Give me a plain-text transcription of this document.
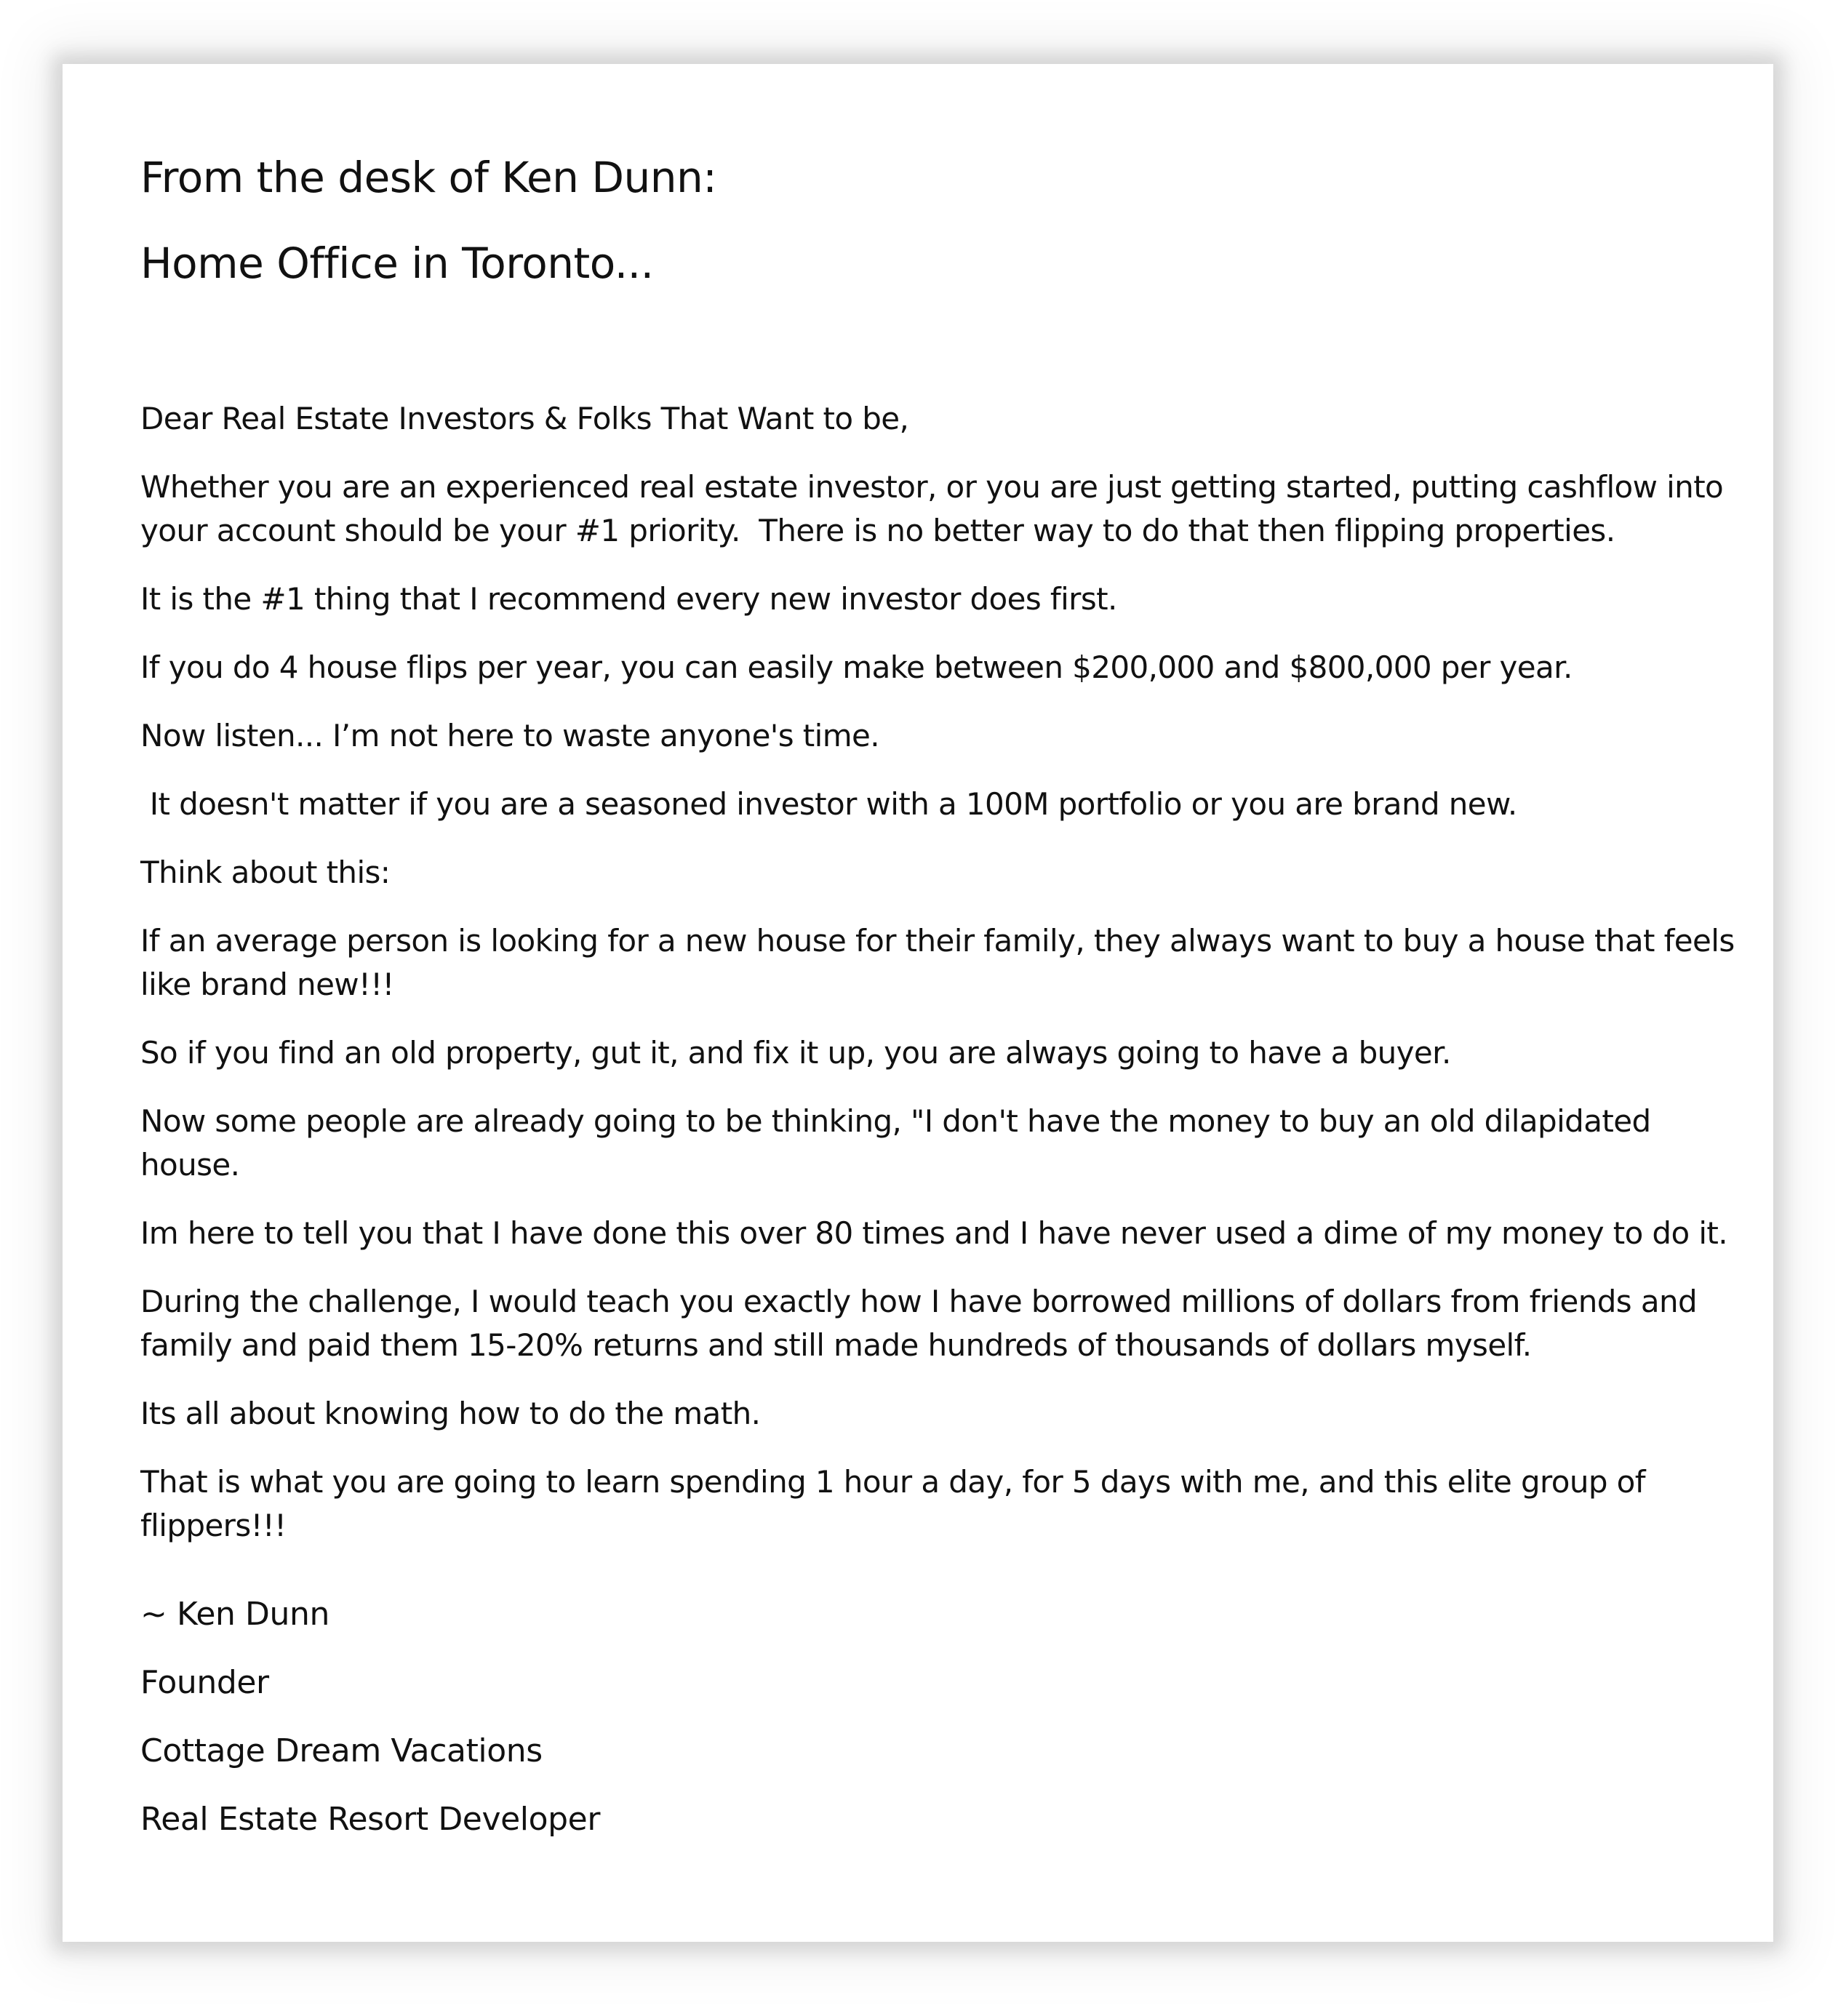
From the desk of Ken Dunn:
Home Office in Toronto...

Dear Real Estate Investors & Folks That Want to be,

Whether you are an experienced real estate investor, or you are just getting started, putting cashflow into your account should be your #1 priority.  There is no better way to do that then flipping properties.

It is the #1 thing that I recommend every new investor does first.

If you do 4 house flips per year, you can easily make between $200,000 and $800,000 per year.

Now listen... I’m not here to waste anyone's time.

It doesn't matter if you are a seasoned investor with a 100M portfolio or you are brand new.

Think about this:

If an average person is looking for a new house for their family, they always want to buy a house that feels like brand new!!!

So if you find an old property, gut it, and fix it up, you are always going to have a buyer.

Now some people are already going to be thinking, "I don't have the money to buy an old dilapidated house.

Im here to tell you that I have done this over 80 times and I have never used a dime of my money to do it.

During the challenge, I would teach you exactly how I have borrowed millions of dollars from friends and family and paid them 15-20% returns and still made hundreds of thousands of dollars myself.

Its all about knowing how to do the math.

That is what you are going to learn spending 1 hour a day, for 5 days with me, and this elite group of flippers!!!

~ Ken Dunn

Founder

Cottage Dream Vacations

Real Estate Resort Developer
